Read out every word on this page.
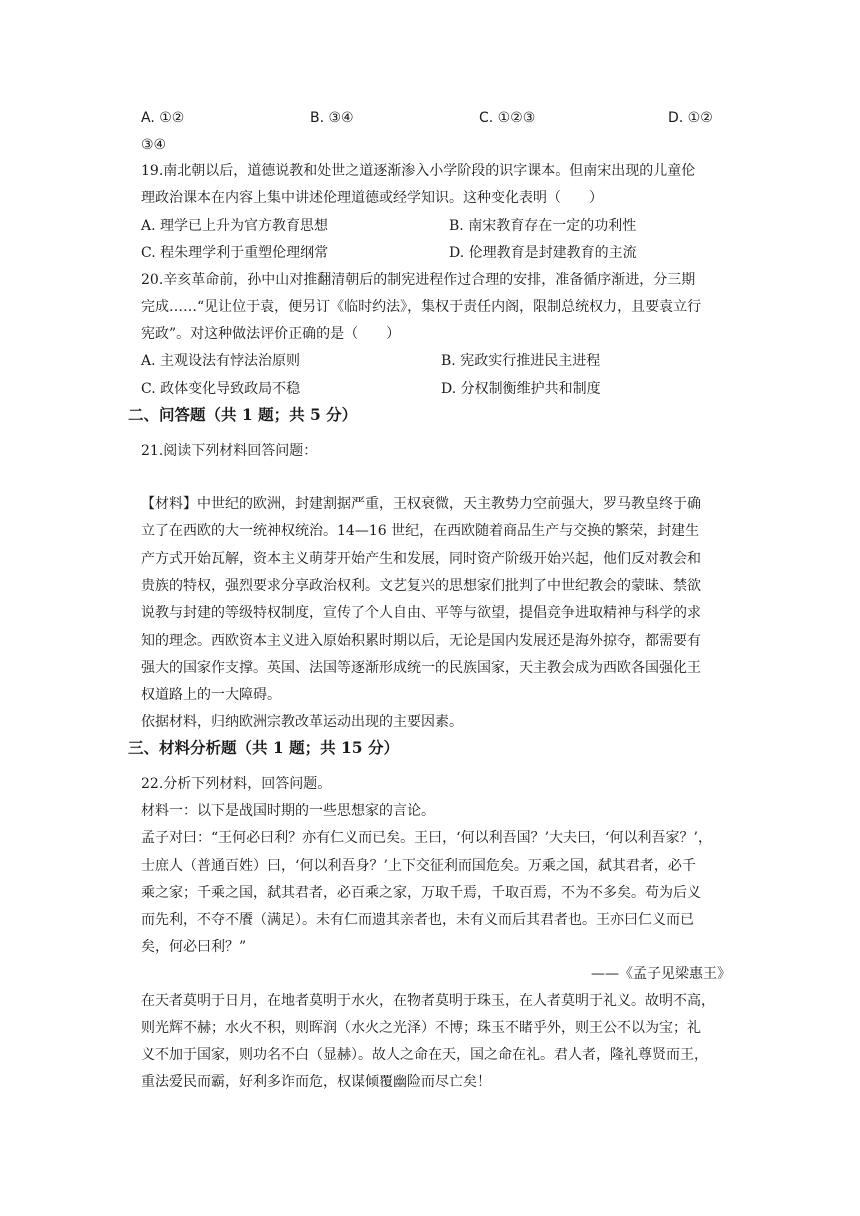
A. ①②	B. ③④	C. ①②③	D. ①②
③④
19.南北朝以后，道德说教和处世之道逐渐渗入小学阶段的识字课本。但南宋出现的儿童伦
理政治课本在内容上集中讲述伦理道德或经学知识。这种变化表明（　　）
A. 理学已上升为官方教育思想	B. 南宋教育存在一定的功利性
C. 程朱理学利于重塑伦理纲常	D. 伦理教育是封建教育的主流
20.辛亥革命前，孙中山对推翻清朝后的制宪进程作过合理的安排，准备循序渐进，分三期
完成……“见让位于袁，便另订《临时约法》，集权于责任内阁，限制总统权力，且要袁立行
宪政”。对这种做法评价正确的是（　　）
A. 主观设法有悖法治原则	B. 宪政实行推进民主进程
C. 政体变化导致政局不稳	D. 分权制衡维护共和制度
二、问答题（共 1 题；共 5 分）
21.阅读下列材料回答问题：
【材料】中世纪的欧洲，封建割据严重，王权衰微，天主教势力空前强大，罗马教皇终于确
立了在西欧的大一统神权统治。14—16 世纪，在西欧随着商品生产与交换的繁荣，封建生
产方式开始瓦解，资本主义萌芽开始产生和发展，同时资产阶级开始兴起，他们反对教会和
贵族的特权，强烈要求分享政治权利。文艺复兴的思想家们批判了中世纪教会的蒙昧、禁欲
说教与封建的等级特权制度，宣传了个人自由、平等与欲望，提倡竞争进取精神与科学的求
知的理念。西欧资本主义进入原始积累时期以后，无论是国内发展还是海外掠夺，都需要有
强大的国家作支撑。英国、法国等逐渐形成统一的民族国家，天主教会成为西欧各国强化王
权道路上的一大障碍。
依据材料，归纳欧洲宗教改革运动出现的主要因素。
三、材料分析题（共 1 题；共 15 分）
22.分析下列材料，回答问题。
材料一：以下是战国时期的一些思想家的言论。
孟子对曰：“王何必曰利？亦有仁义而已矣。王曰，‘何以利吾国？’大夫曰，‘何以利吾家？’，
士庶人（普通百姓）曰，‘何以利吾身？’上下交征利而国危矣。万乘之国，弑其君者，必千
乘之家；千乘之国，弑其君者，必百乘之家，万取千焉，千取百焉，不为不多矣。苟为后义
而先利，不夺不餍（满足）。未有仁而遗其亲者也，未有义而后其君者也。王亦曰仁义而已
矣，何必曰利？”
——《孟子见梁惠王》
在天者莫明于日月，在地者莫明于水火，在物者莫明于珠玉，在人者莫明于礼义。故明不高，
则光辉不赫；水火不积，则晖润（水火之光泽）不博；珠玉不睹乎外，则王公不以为宝；礼
义不加于国家，则功名不白（显赫）。故人之命在天，国之命在礼。君人者，隆礼尊贤而王，
重法爱民而霸，好利多诈而危，权谋倾覆幽险而尽亡矣！
